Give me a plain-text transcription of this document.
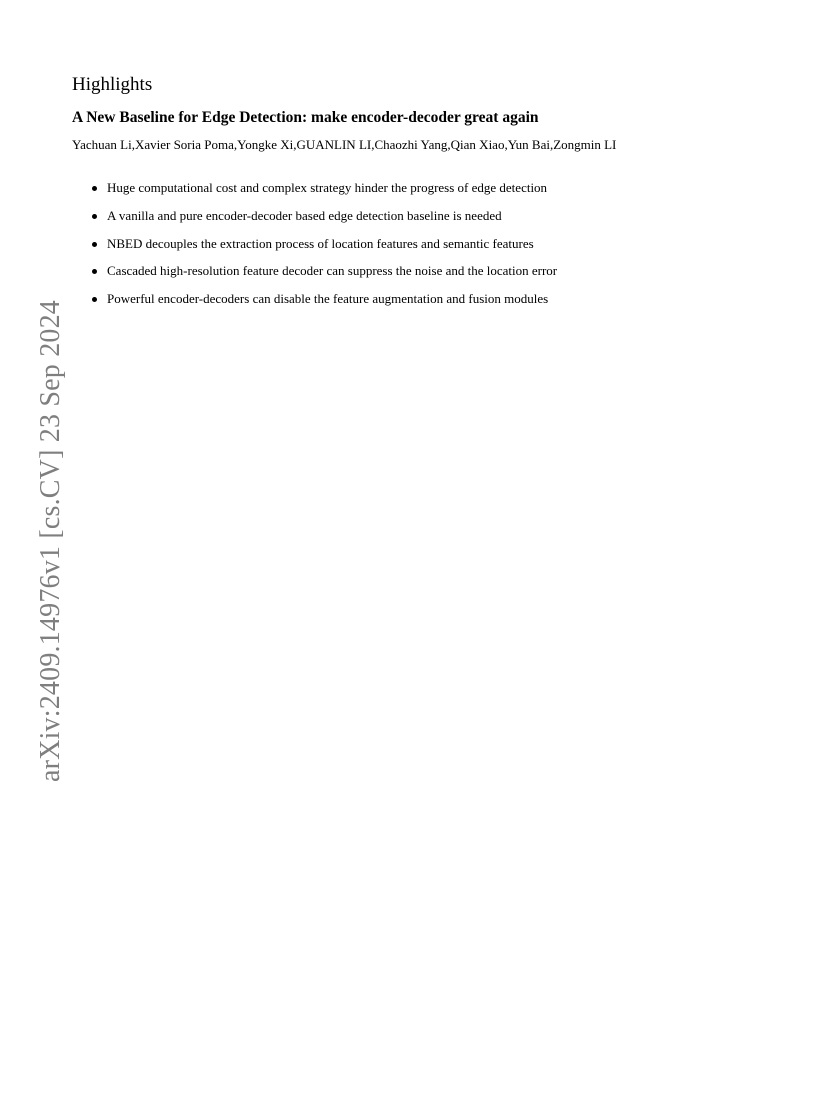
Highlights
A New Baseline for Edge Detection: make encoder-decoder great again

Yachuan Li,Xavier Soria Poma,Yongke Xi,GUANLIN LI,Chaozhi Yang,Qian Xiao,Yun Bai,Zongmin LI

Huge computational cost and complex strategy hinder the progress of edge detection
A vanilla and pure encoder-decoder based edge detection baseline is needed
NBED decouples the extraction process of location features and semantic features
Cascaded high-resolution feature decoder can suppress the noise and the location error
Powerful encoder-decoders can disable the feature augmentation and fusion modules
arXiv:2409.14976v1 [cs.CV] 23 Sep 2024
